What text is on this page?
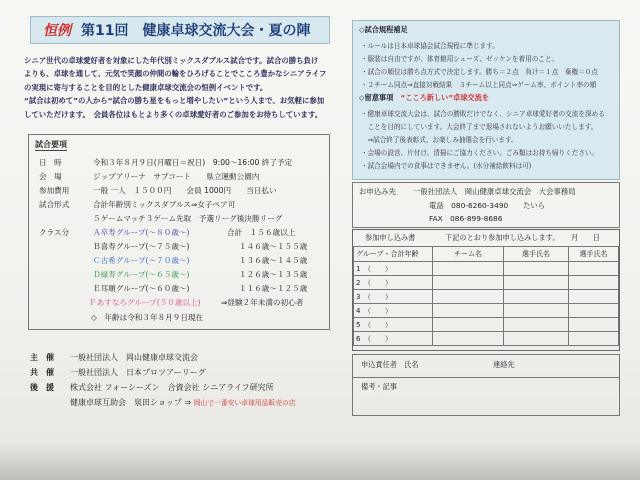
恒例 第11回　健康卓球交流大会・夏の陣
シニア世代の卓球愛好者を対象にした年代別ミックスダブルス試合です。試合の勝ち負け
よりも、卓球を通して、元気で笑顔の仲間の輪をひろげることでこころ豊かなシニアライフ
の実現に寄与することを目的とした健康卓球交流会の恒例イベントです。
“試合は初めて”の人から“試合の勝ち星をもっと増やしたい”という人まで、お気軽に参加
していただけます。　会員各位はもとより多くの卓球愛好者のご参加をお待ちしています。
試合要項
日　時	令和３年８月９日(月曜日＝祝日)　9:00～16:00 終了予定
会　場	ジップアリーナ　サブコート　　県立運動公園内
参加費用	一般 一人　１５００円　　会員 1000円　　当日払い
試合形式	合計年齢別ミックスダブルス⇒女子ペア可
５ゲームマッチ３ゲーム先取　予選リーグ後決勝リーグ
クラス分	Ａ卒寿グループ(～８０歳～)	合計　１５６歳以上
Ｂ喜寿グループ(～７５歳～)	１４６歳～１５５歳
Ｃ古希グループ(～７０歳～)	１３６歳～１４５歳
Ｄ緑寿グループ(～６５歳～)	１２６歳～１３５歳
Ｅ耳順グループ(～６０歳～)	１１６歳～１２５歳
Ｆあすなろグループ(５０歳以上)	⇒経験２年未満の初心者
◇　年齢は令和３年８月９日現在
◇試合規程補足
・ルールは日本卓球協会試合規程に準じます。
・服装は自由ですが、体育館用シューズ、ゼッケンを着用のこと。
・試合の順位は勝ち点方式で決定します。勝ち＝２点　負け＝１点　棄権＝０点
・２チーム同点⇒直接対戦結果　３チーム以上同点⇒ゲーム率、ポイント率の順
◇留意事項　 “こころ新しい”卓球交流を
・健康卓球交流大会は、試合の勝敗だけでなく、シニア卓球愛好者の交流を深める
　ことを目的にしています。大会終了まで退場されないようお願いいたします。
　⇒試合終了後表彰式、お楽しみ抽選会を行います。
・会場の設営、片付け、清掃にご協力ください。ごみ類はお持ち帰りください。
・試合会場内での食事はできません。(水分補給飲料は可)
お申込み先 一般社団法人　岡山健康卓球交流会　大会事務局
電話　080-6260-3490　　たいら
FAX　086-899-8686
参加申し込み書	下記のとおり参加申し込みします。 月　　日
グループ・合計年齢	チーム名	選手氏名	選手氏名
1　 （　　）			
2　 （　　）			
3　 （　　）			
4　 （　　）			
5　 （　　）			
6　 （　　）			
申込責任者　氏名	連絡先
備考・記事
主　催 一般社団法人　岡山健康卓球交流会
共　催 一般社団法人　日本プロツアーリーグ
後　援 株式会社 フォーシーズン　合資会社 シニアライフ研究所
健康卓球互助会　泉田ショップ ⇒ 岡山で一番安い卓球用品販売の店
